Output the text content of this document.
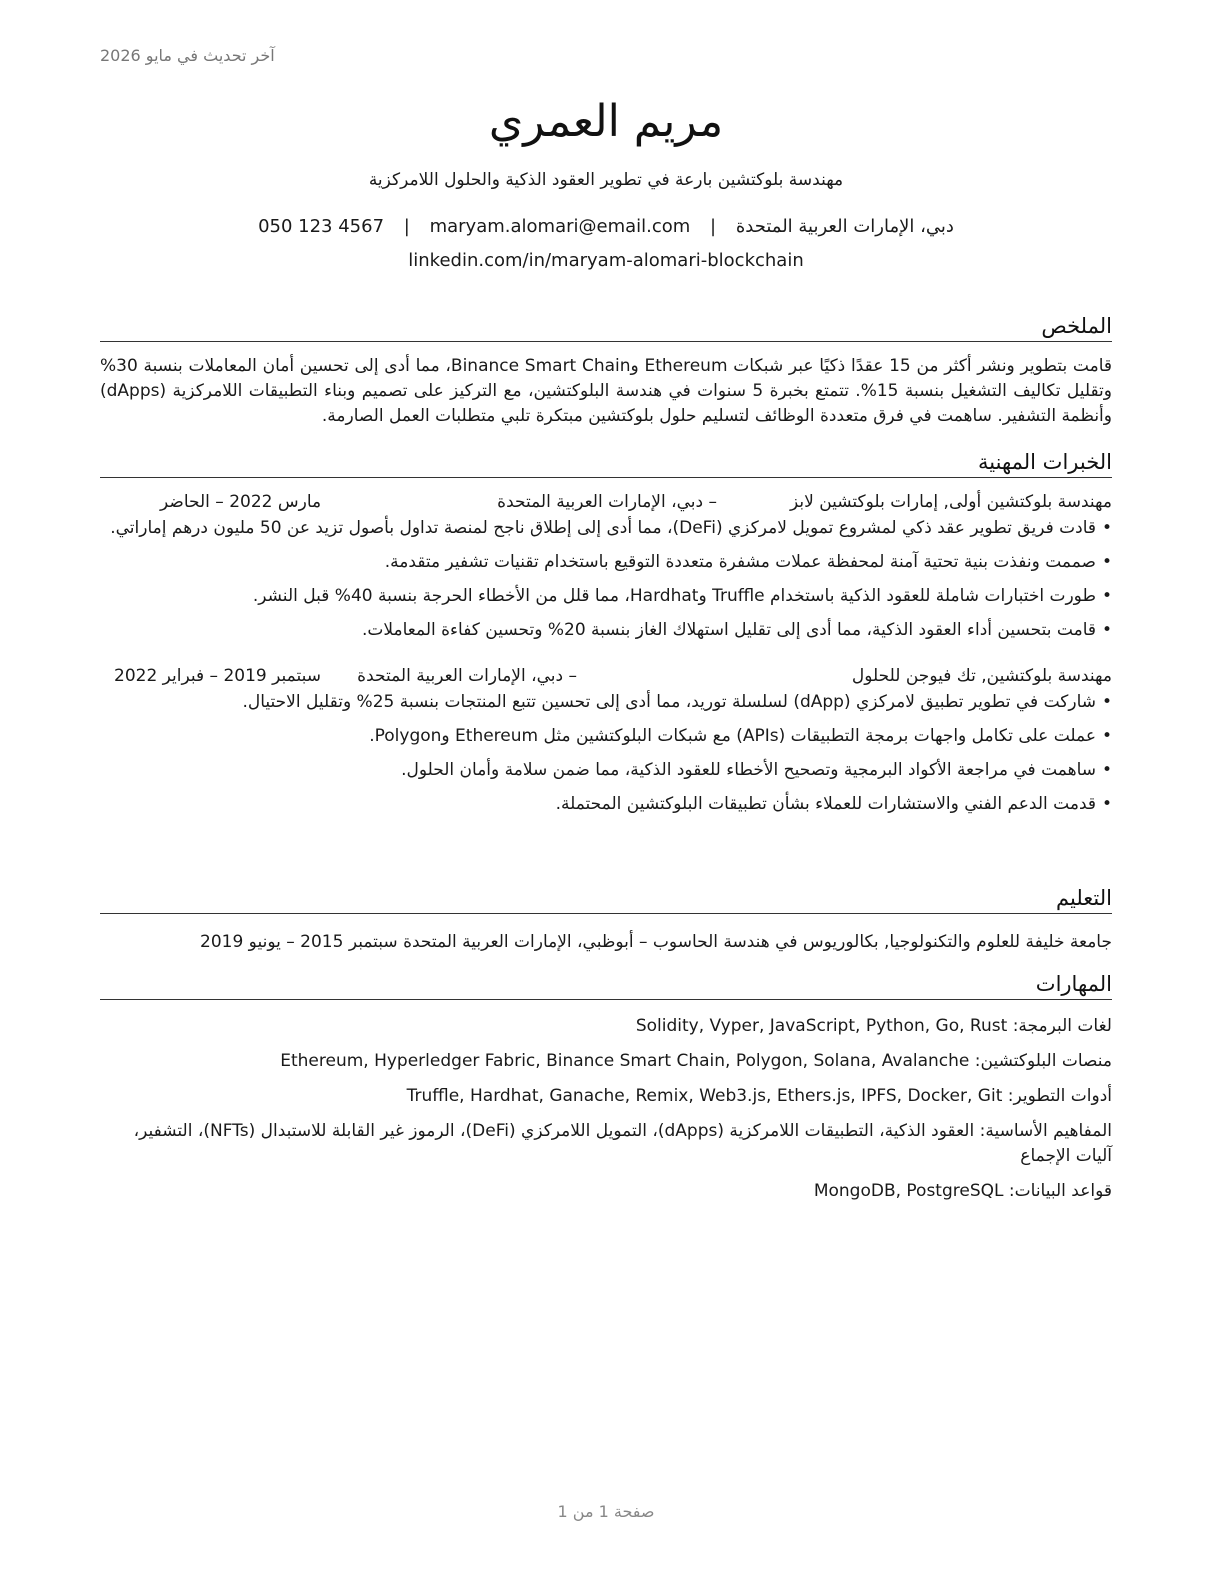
آخر تحديث في مايو 2026
مريم العمري
مهندسة بلوكتشين بارعة في تطوير العقود الذكية والحلول اللامركزية
دبي، الإمارات العربية المتحدة | maryam.alomari@email.com | 050 123 4567
linkedin.com/in/maryam-alomari-blockchain
الملخص
قامت بتطوير ونشر أكثر من 15 عقدًا ذكيًا عبر شبكات Ethereum وBinance Smart Chain، مما أدى إلى تحسين أمان المعاملات بنسبة 30% وتقليل تكاليف التشغيل بنسبة 15%. تتمتع بخبرة 5 سنوات في هندسة البلوكتشين، مع التركيز على تصميم وبناء التطبيقات اللامركزية (dApps) وأنظمة التشفير. ساهمت في فرق متعددة الوظائف لتسليم حلول بلوكتشين مبتكرة تلبي متطلبات العمل الصارمة.
الخبرات المهنية
مهندسة بلوكتشين أولى, إمارات بلوكتشين لابز
– دبي، الإمارات العربية المتحدة
مارس 2022 – الحاضر
• قادت فريق تطوير عقد ذكي لمشروع تمويل لامركزي (DeFi)، مما أدى إلى إطلاق ناجح لمنصة تداول بأصول تزيد عن 50 مليون درهم إماراتي.
• صممت ونفذت بنية تحتية آمنة لمحفظة عملات مشفرة متعددة التوقيع باستخدام تقنيات تشفير متقدمة.
• طورت اختبارات شاملة للعقود الذكية باستخدام Truffle وHardhat، مما قلل من الأخطاء الحرجة بنسبة 40% قبل النشر.
• قامت بتحسين أداء العقود الذكية، مما أدى إلى تقليل استهلاك الغاز بنسبة 20% وتحسين كفاءة المعاملات.
مهندسة بلوكتشين, تك فيوجن للحلول
– دبي، الإمارات العربية المتحدة
سبتمبر 2019 – فبراير 2022
• شاركت في تطوير تطبيق لامركزي (dApp) لسلسلة توريد، مما أدى إلى تحسين تتبع المنتجات بنسبة 25% وتقليل الاحتيال.
• عملت على تكامل واجهات برمجة التطبيقات (APIs) مع شبكات البلوكتشين مثل Ethereum وPolygon.
• ساهمت في مراجعة الأكواد البرمجية وتصحيح الأخطاء للعقود الذكية، مما ضمن سلامة وأمان الحلول.
• قدمت الدعم الفني والاستشارات للعملاء بشأن تطبيقات البلوكتشين المحتملة.
التعليم
جامعة خليفة للعلوم والتكنولوجيا, بكالوريوس في هندسة الحاسوب – أبوظبي، الإمارات العربية المتحدة سبتمبر 2015 – يونيو 2019
المهارات
لغات البرمجة: Solidity, Vyper, JavaScript, Python, Go, Rust
منصات البلوكتشين: Ethereum, Hyperledger Fabric, Binance Smart Chain, Polygon, Solana, Avalanche
أدوات التطوير: Truffle, Hardhat, Ganache, Remix, Web3.js, Ethers.js, IPFS, Docker, Git
المفاهيم الأساسية: العقود الذكية، التطبيقات اللامركزية (dApps)، التمويل اللامركزي (DeFi)، الرموز غير القابلة للاستبدال (NFTs)، التشفير، آليات الإجماع
قواعد البيانات: MongoDB, PostgreSQL
صفحة 1 من 1
